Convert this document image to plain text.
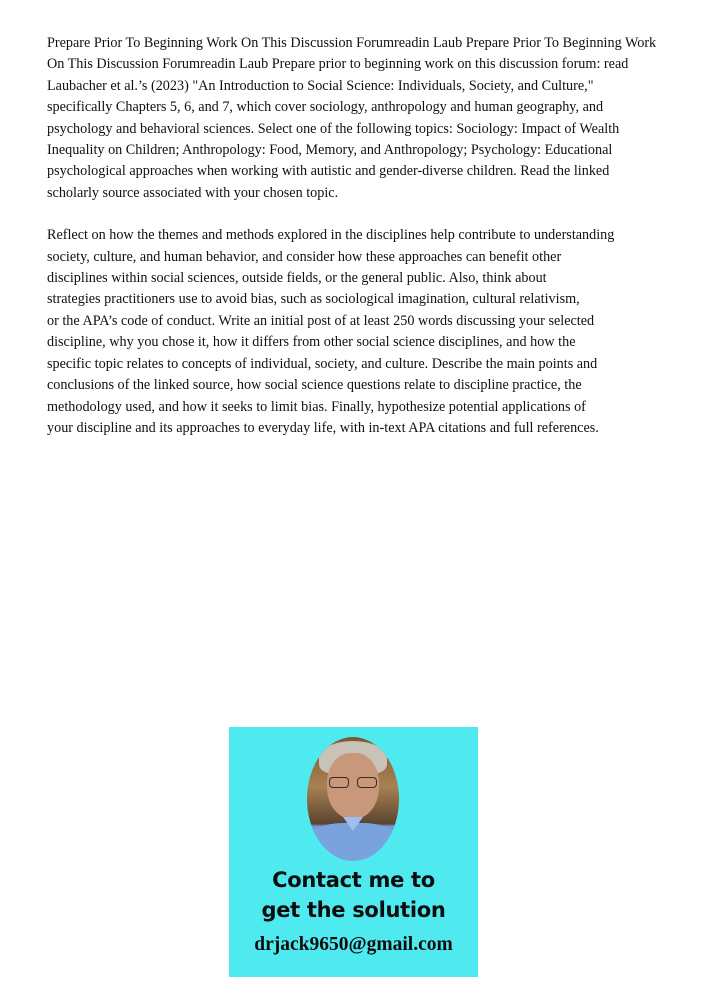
Prepare Prior To Beginning Work On This Discussion Forumreadin Laub Prepare Prior To Beginning Work
On This Discussion Forumreadin Laub Prepare prior to beginning work on this discussion forum: read
Laubacher et al.’s (2023) "An Introduction to Social Science: Individuals, Society, and Culture,"
specifically Chapters 5, 6, and 7, which cover sociology, anthropology and human geography, and
psychology and behavioral sciences. Select one of the following topics: Sociology: Impact of Wealth
Inequality on Children; Anthropology: Food, Memory, and Anthropology; Psychology: Educational
psychological approaches when working with autistic and gender-diverse children. Read the linked
scholarly source associated with your chosen topic.

Reflect on how the themes and methods explored in the disciplines help contribute to understanding
society, culture, and human behavior, and consider how these approaches can benefit other
disciplines within social sciences, outside fields, or the general public. Also, think about
strategies practitioners use to avoid bias, such as sociological imagination, cultural relativism,
or the APA’s code of conduct. Write an initial post of at least 250 words discussing your selected
discipline, why you chose it, how it differs from other social science disciplines, and how the
specific topic relates to concepts of individual, society, and culture. Describe the main points and
conclusions of the linked source, how social science questions relate to discipline practice, the
methodology used, and how it seeks to limit bias. Finally, hypothesize potential applications of
your discipline and its approaches to everyday life, with in-text APA citations and full references.

Contact me to
get the solution
drjack9650@gmail.com
